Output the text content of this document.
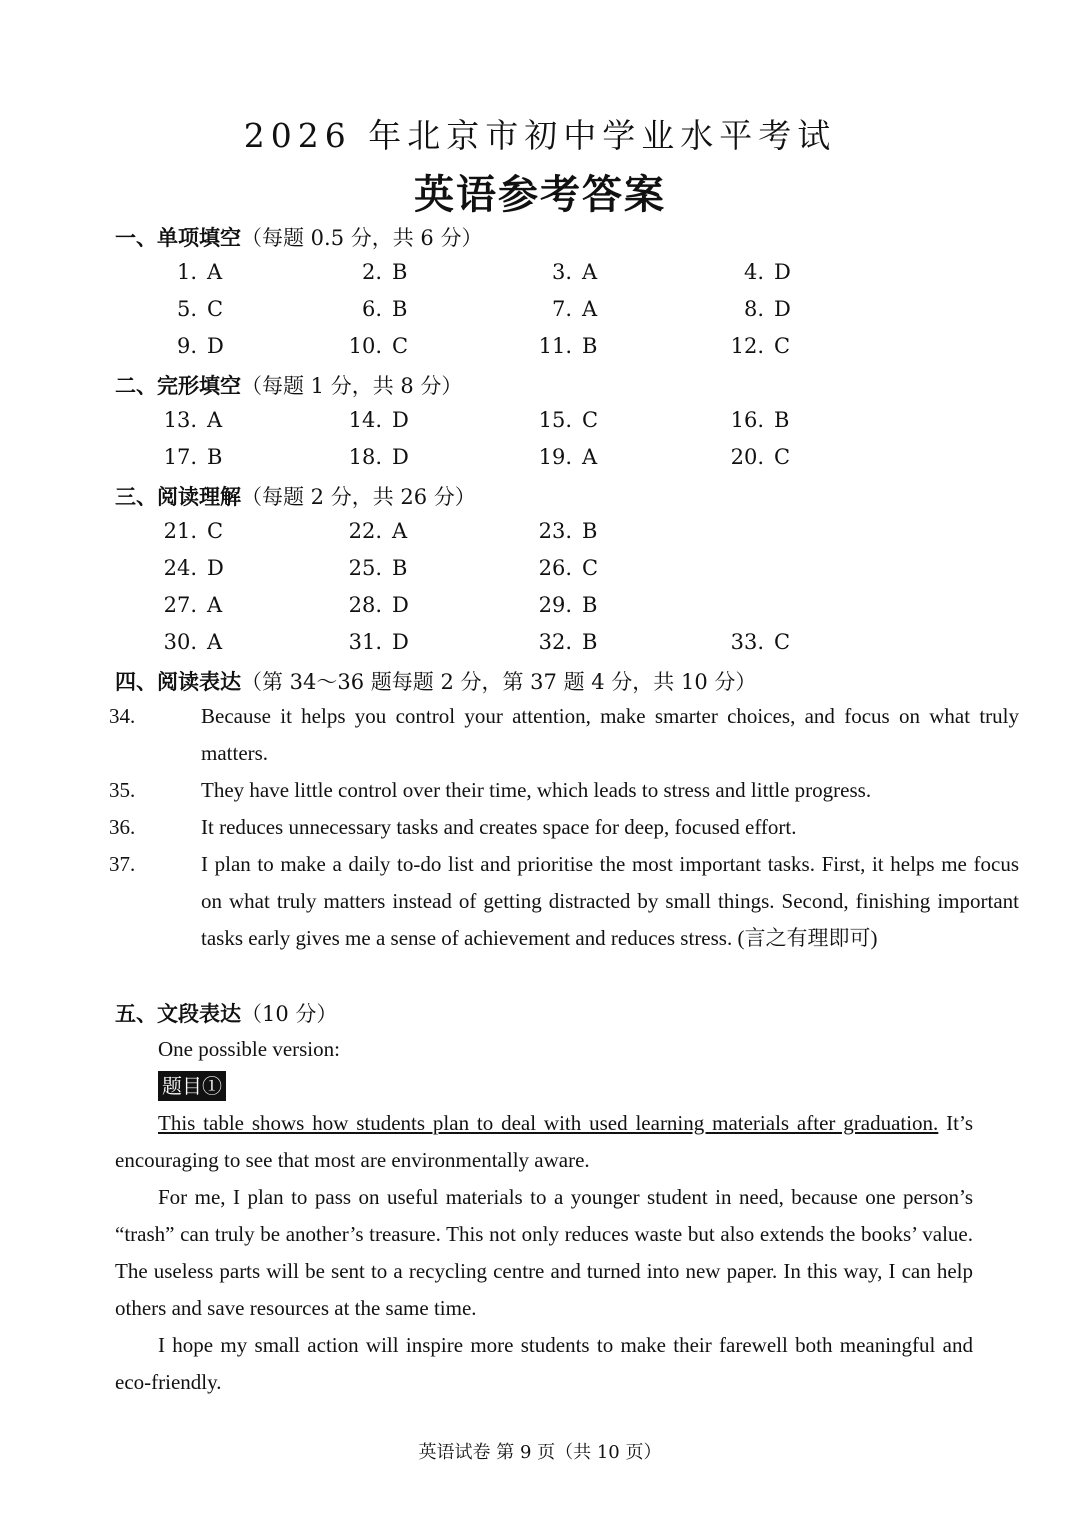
2026 年北京市初中学业水平考试
英语参考答案
一、单项填空（每题 0.5 分，共 6 分）
1. A	2. B	3. A	4. D
5. C	6. B	7. A	8. D
9. D	10. C	11. B	12. C
二、完形填空（每题 1 分，共 8 分）
13. A	14. D	15. C	16. B
17. B	18. D	19. A	20. C
三、阅读理解（每题 2 分，共 26 分）
21. C	22. A	23. B
24. D	25. B	26. C
27. A	28. D	29. B
30. A	31. D	32. B	33. C
四、阅读表达（第 34～36 题每题 2 分，第 37 题 4 分，共 10 分）
34.	Because it helps you control your attention, make smarter choices, and focus on what truly matters.
35.	They have little control over their time, which leads to stress and little progress.
36.	It reduces unnecessary tasks and creates space for deep, focused effort.
37.	I plan to make a daily to-do list and prioritise the most important tasks. First, it helps me focus on what truly matters instead of getting distracted by small things. Second, finishing important tasks early gives me a sense of achievement and reduces stress. (言之有理即可)
五、文段表达（10 分）
One possible version:
题目①
This table shows how students plan to deal with used learning materials after graduation. It’s encouraging to see that most are environmentally aware.
For me, I plan to pass on useful materials to a younger student in need, because one person’s “trash” can truly be another’s treasure. This not only reduces waste but also extends the books’ value. The useless parts will be sent to a recycling centre and turned into new paper. In this way, I can help others and save resources at the same time.
I hope my small action will inspire more students to make their farewell both meaningful and eco-friendly.
英语试卷 第 9 页（共 10 页）
